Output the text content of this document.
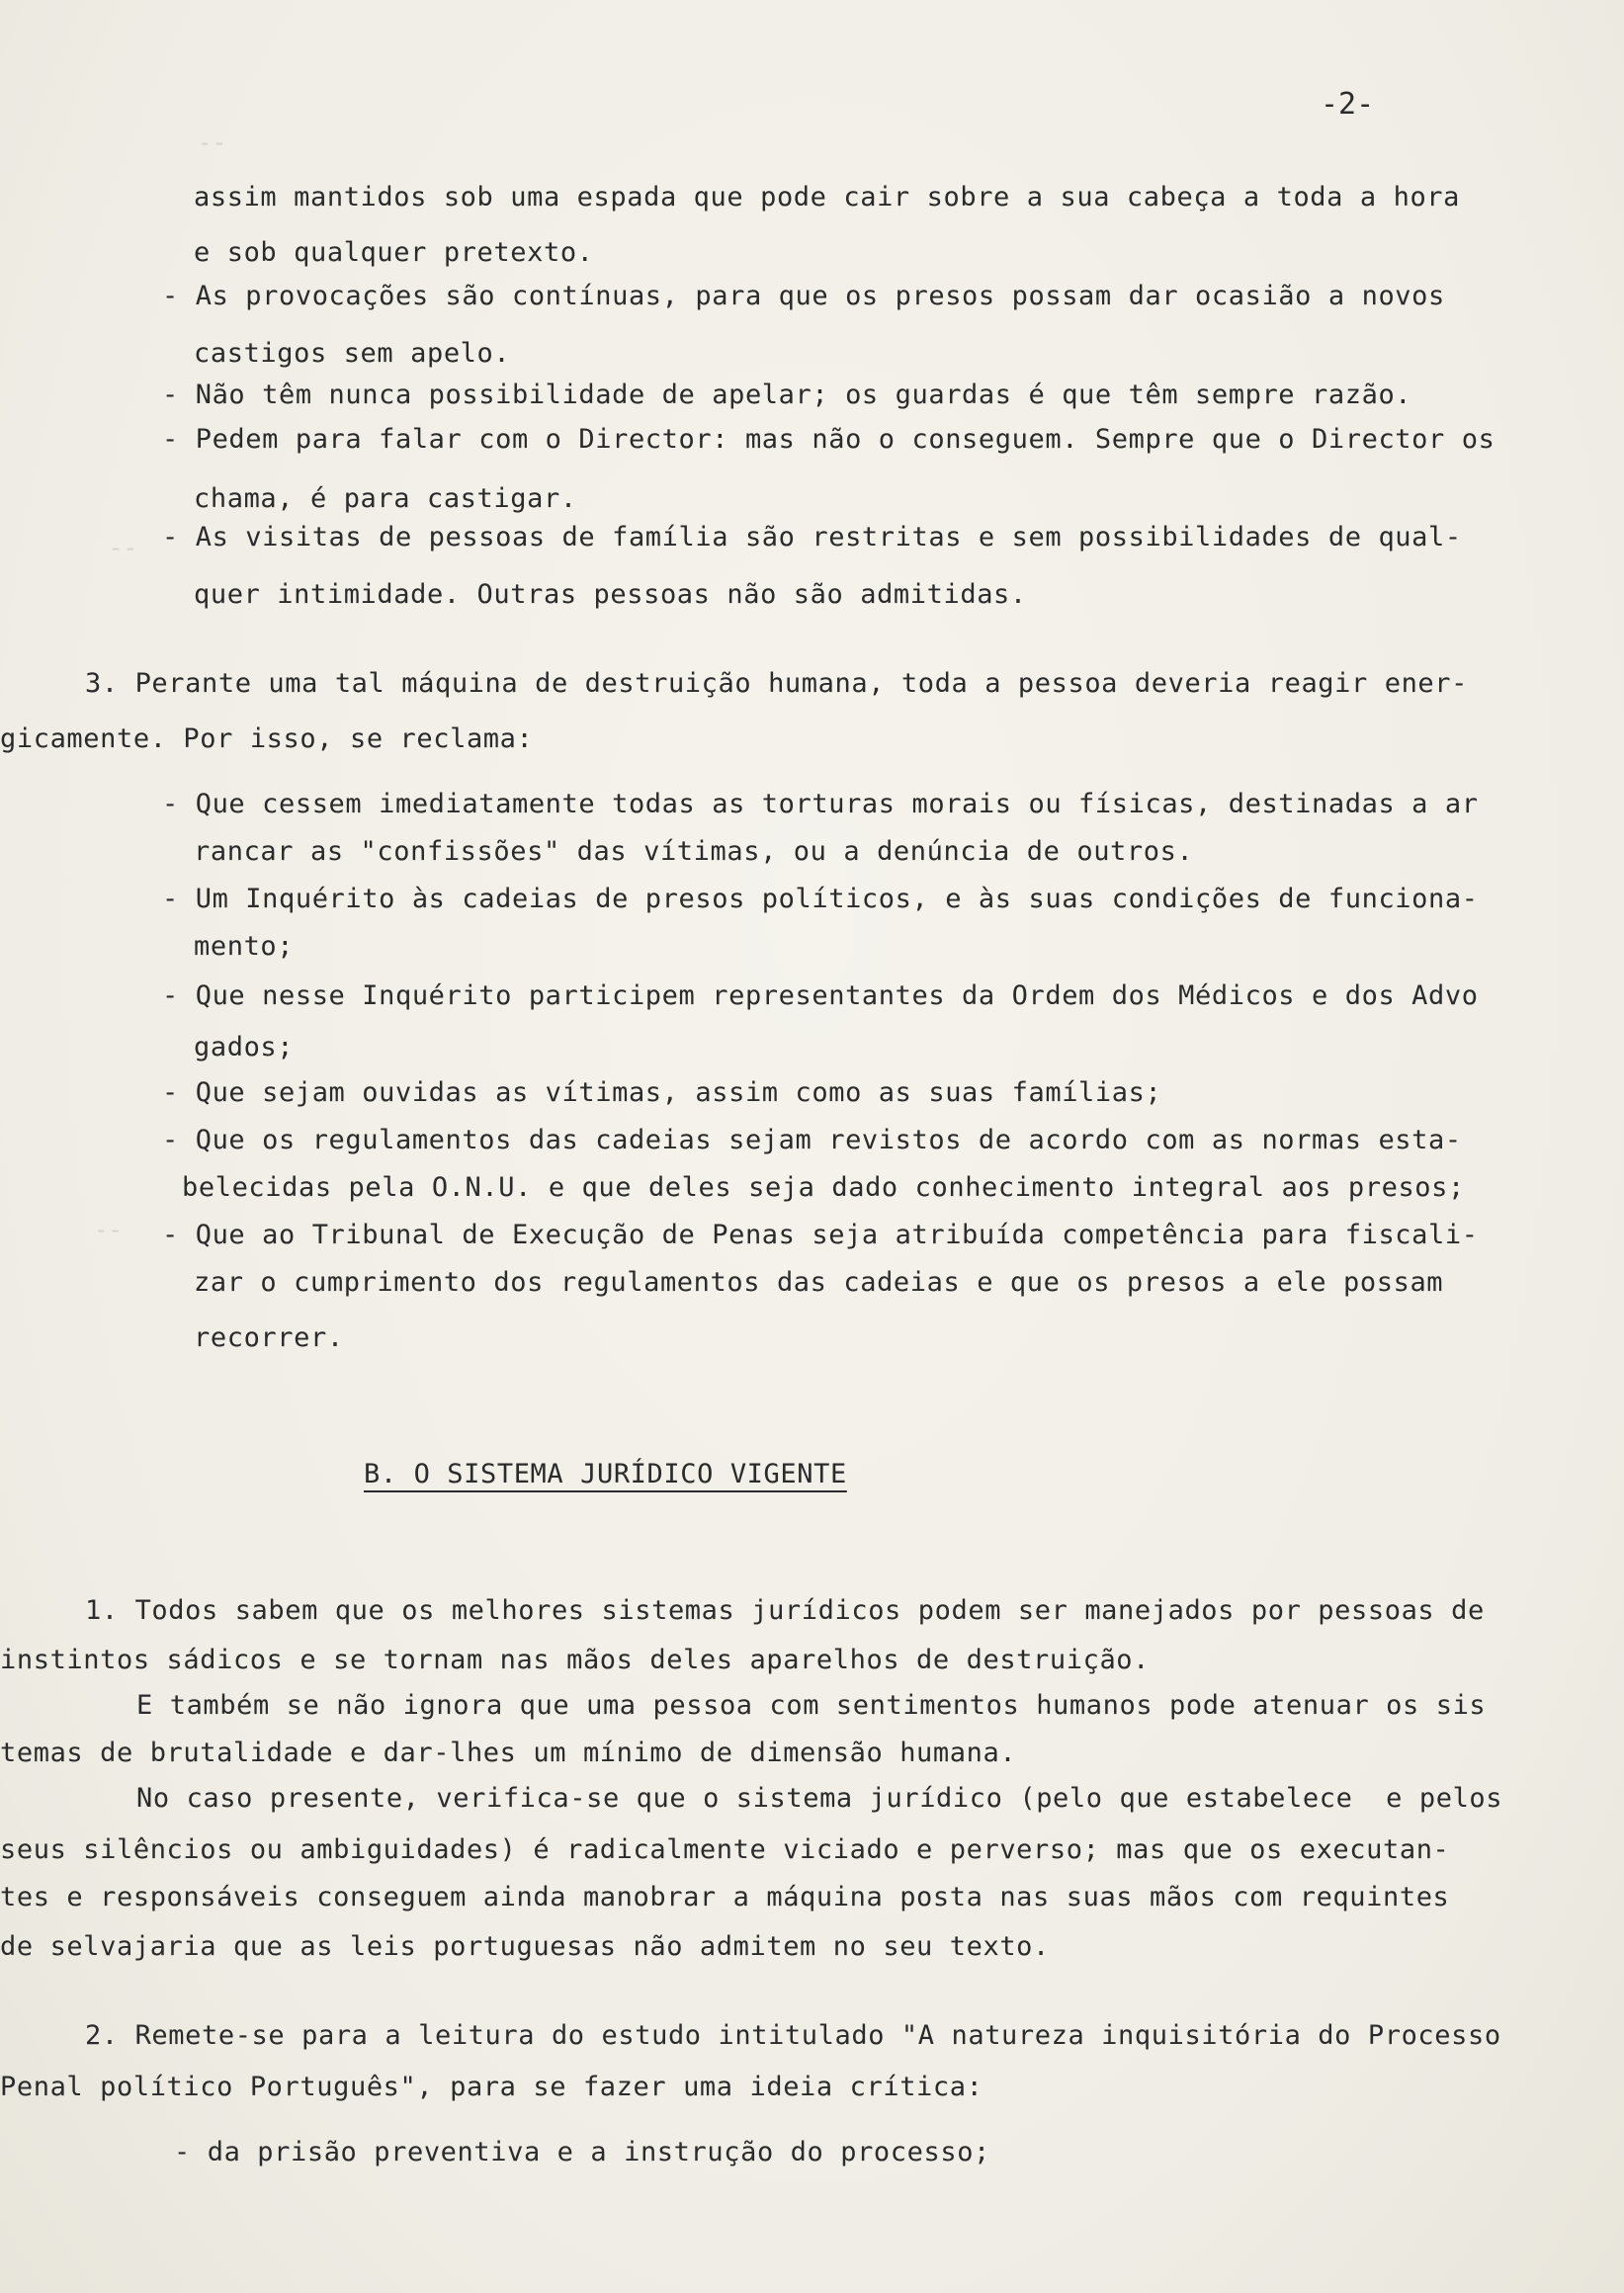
--
--
--
-2-
assim mantidos sob uma espada que pode cair sobre a sua cabeça a toda a hora
e sob qualquer pretexto.
- As provocações são contínuas, para que os presos possam dar ocasião a novos
castigos sem apelo.
- Não têm nunca possibilidade de apelar; os guardas é que têm sempre razão.
- Pedem para falar com o Director: mas não o conseguem. Sempre que o Director os
chama, é para castigar.
- As visitas de pessoas de família são restritas e sem possibilidades de qual-
quer intimidade. Outras pessoas não são admitidas.
3. Perante uma tal máquina de destruição humana, toda a pessoa deveria reagir ener-
gicamente. Por isso, se reclama:
- Que cessem imediatamente todas as torturas morais ou físicas, destinadas a ar
rancar as "confissões" das vítimas, ou a denúncia de outros.
- Um Inquérito às cadeias de presos políticos, e às suas condições de funciona-
mento;
- Que nesse Inquérito participem representantes da Ordem dos Médicos e dos Advo
gados;
- Que sejam ouvidas as vítimas, assim como as suas famílias;
- Que os regulamentos das cadeias sejam revistos de acordo com as normas esta-
belecidas pela O.N.U. e que deles seja dado conhecimento integral aos presos;
- Que ao Tribunal de Execução de Penas seja atribuída competência para fiscali-
zar o cumprimento dos regulamentos das cadeias e que os presos a ele possam
recorrer.
B. O SISTEMA JURÍDICO VIGENTE
1. Todos sabem que os melhores sistemas jurídicos podem ser manejados por pessoas de
instintos sádicos e se tornam nas mãos deles aparelhos de destruição.
E também se não ignora que uma pessoa com sentimentos humanos pode atenuar os sis
temas de brutalidade e dar-lhes um mínimo de dimensão humana.
No caso presente, verifica-se que o sistema jurídico (pelo que estabelece  e pelos
seus silêncios ou ambiguidades) é radicalmente viciado e perverso; mas que os executan-
tes e responsáveis conseguem ainda manobrar a máquina posta nas suas mãos com requintes
de selvajaria que as leis portuguesas não admitem no seu texto.
2. Remete-se para a leitura do estudo intitulado "A natureza inquisitória do Processo
Penal político Português", para se fazer uma ideia crítica:
- da prisão preventiva e a instrução do processo;
